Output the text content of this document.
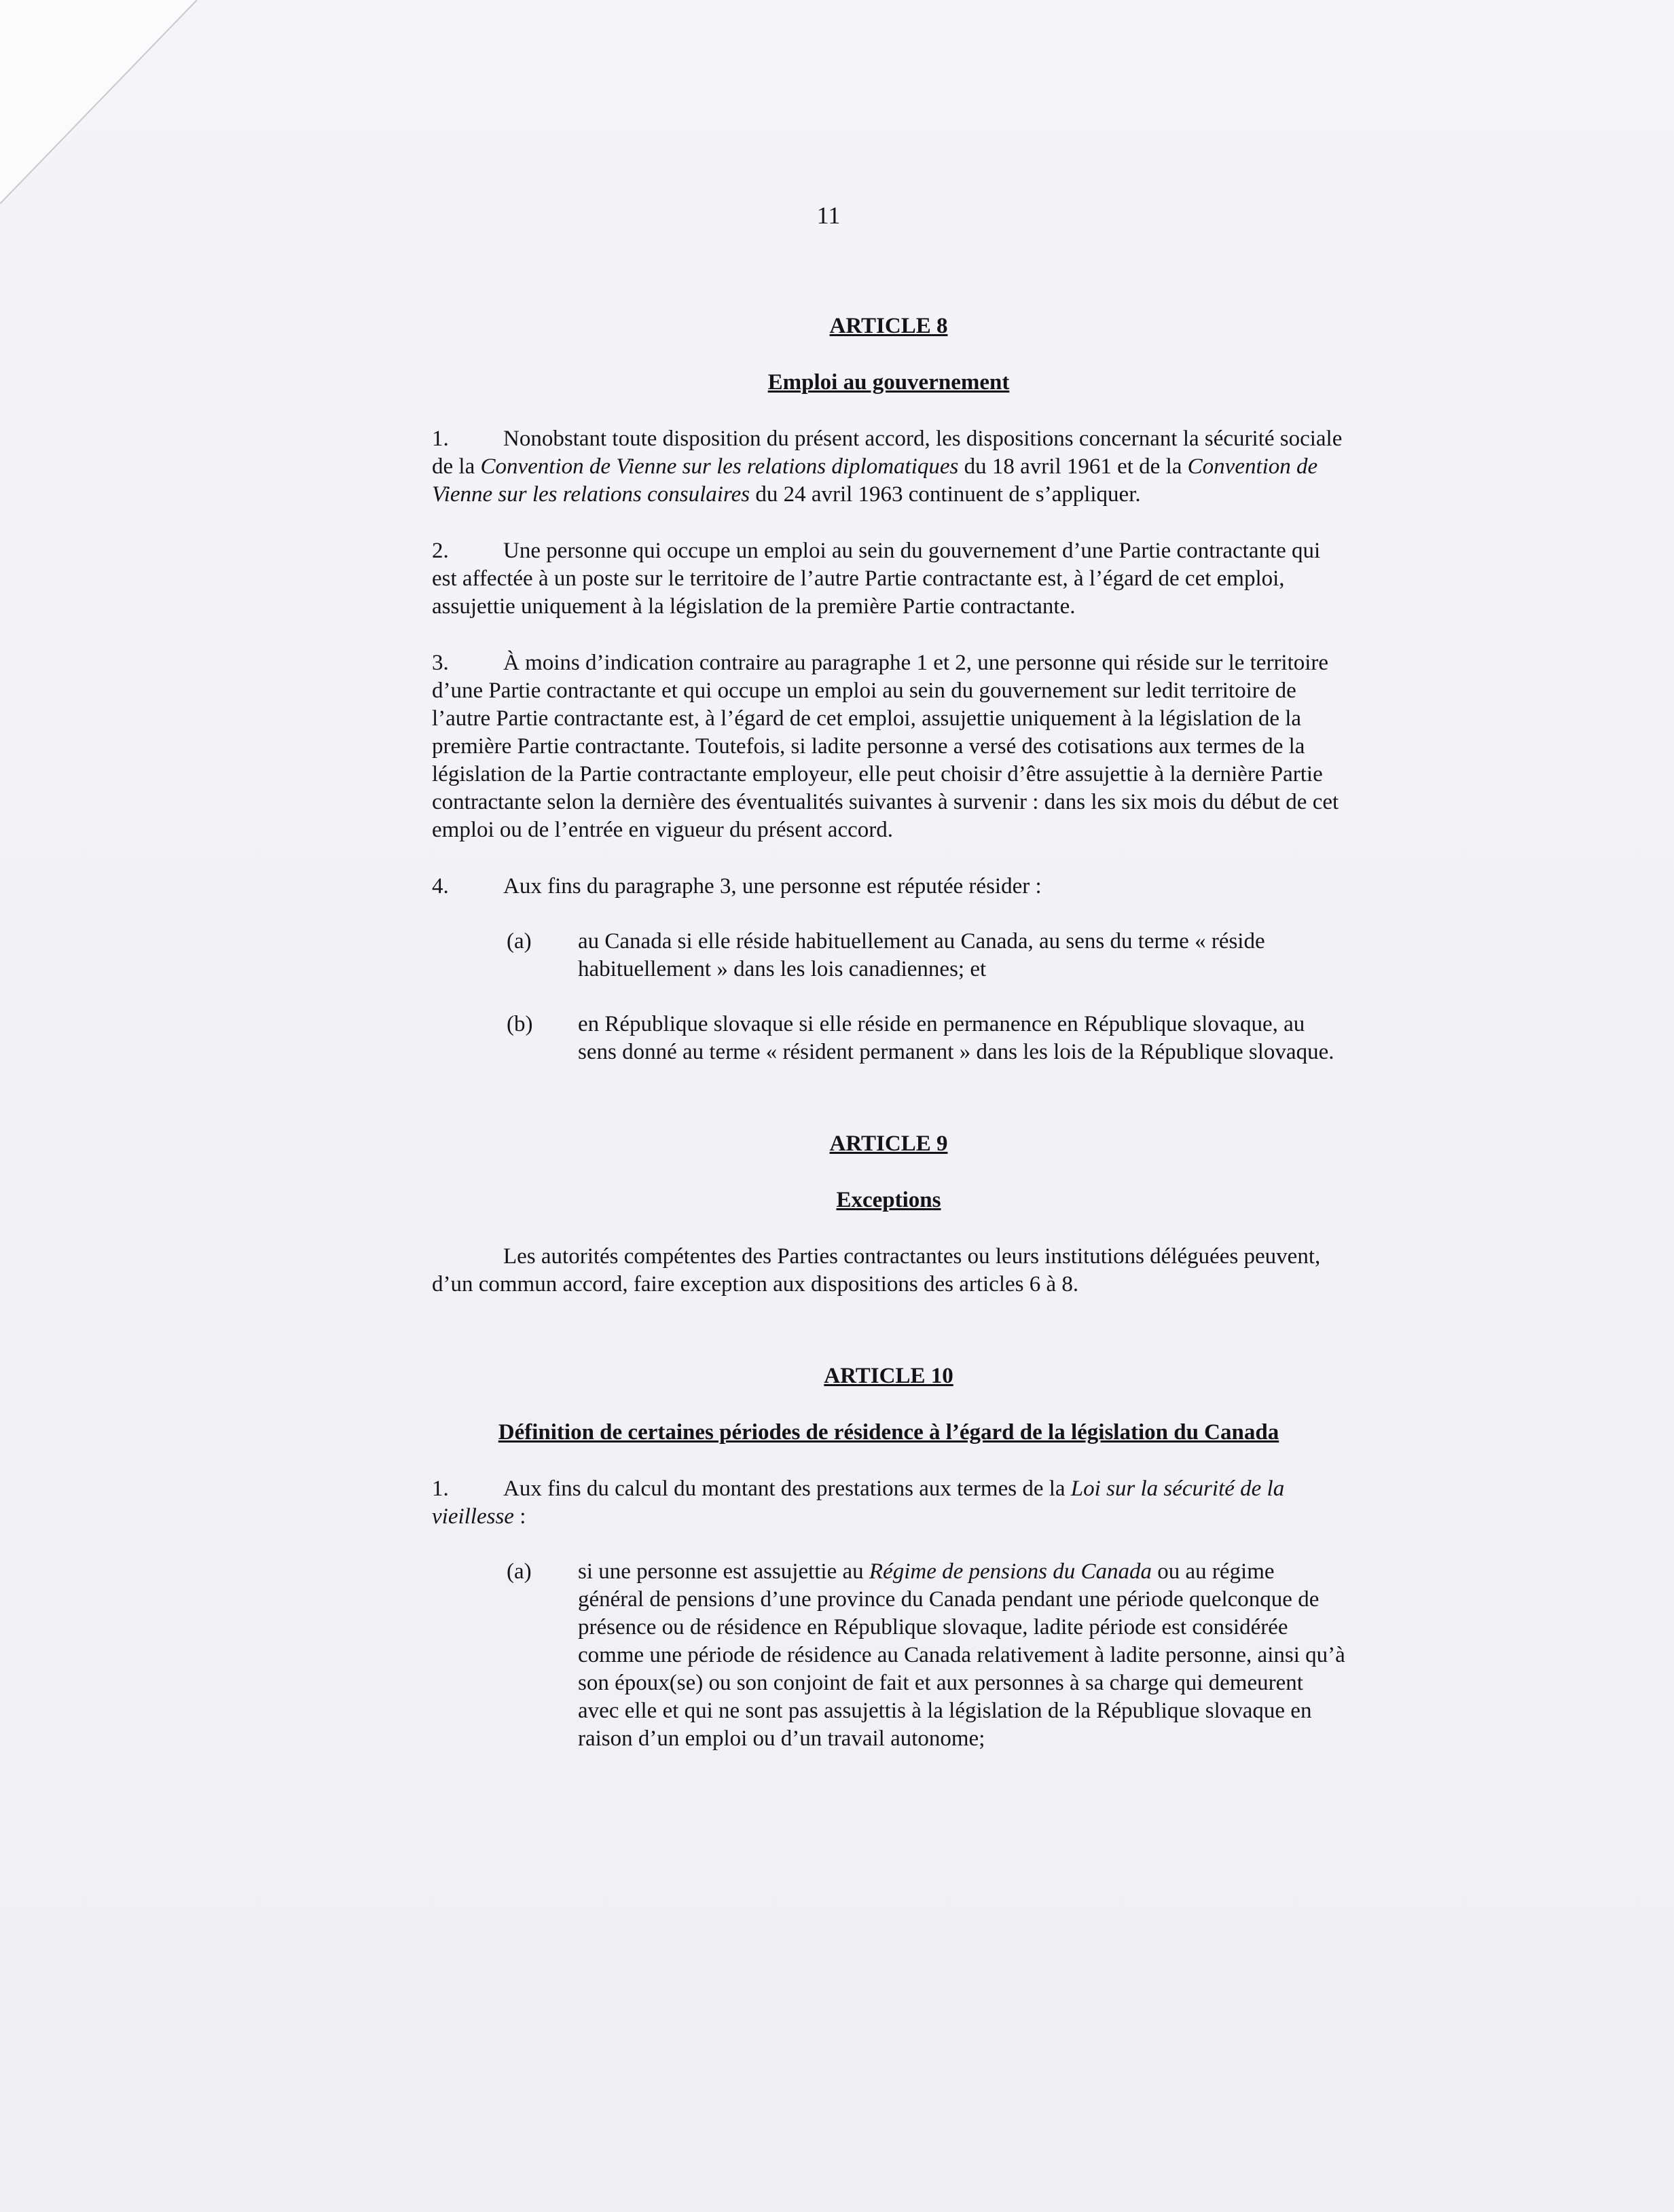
11
ARTICLE 8
Emploi au gouvernement
1. Nonobstant toute disposition du présent accord, les dispositions concernant la sécurité sociale de la Convention de Vienne sur les relations diplomatiques du 18 avril 1961 et de la Convention de Vienne sur les relations consulaires du 24 avril 1963 continuent de s’appliquer.
2. Une personne qui occupe un emploi au sein du gouvernement d’une Partie contractante qui est affectée à un poste sur le territoire de l’autre Partie contractante est, à l’égard de cet emploi, assujettie uniquement à la législation de la première Partie contractante.
3. À moins d’indication contraire au paragraphe 1 et 2, une personne qui réside sur le territoire d’une Partie contractante et qui occupe un emploi au sein du gouvernement sur ledit territoire de l’autre Partie contractante est, à l’égard de cet emploi, assujettie uniquement à la législation de la première Partie contractante. Toutefois, si ladite personne a versé des cotisations aux termes de la législation de la Partie contractante employeur, elle peut choisir d’être assujettie à la dernière Partie contractante selon la dernière des éventualités suivantes à survenir : dans les six mois du début de cet emploi ou de l’entrée en vigueur du présent accord.
4. Aux fins du paragraphe 3, une personne est réputée résider :
(a)	au Canada si elle réside habituellement au Canada, au sens du terme « réside habituellement » dans les lois canadiennes; et
(b)	en République slovaque si elle réside en permanence en République slovaque, au sens donné au terme « résident permanent » dans les lois de la République slovaque.
ARTICLE 9
Exceptions
Les autorités compétentes des Parties contractantes ou leurs institutions déléguées peuvent, d’un commun accord, faire exception aux dispositions des articles 6 à 8.
ARTICLE 10
Définition de certaines périodes de résidence à l’égard de la législation du Canada
1. Aux fins du calcul du montant des prestations aux termes de la Loi sur la sécurité de la vieillesse :
(a)	si une personne est assujettie au Régime de pensions du Canada ou au régime général de pensions d’une province du Canada pendant une période quelconque de présence ou de résidence en République slovaque, ladite période est considérée comme une période de résidence au Canada relativement à ladite personne, ainsi qu’à son époux(se) ou son conjoint de fait et aux personnes à sa charge qui demeurent avec elle et qui ne sont pas assujettis à la législation de la République slovaque en raison d’un emploi ou d’un travail autonome;
